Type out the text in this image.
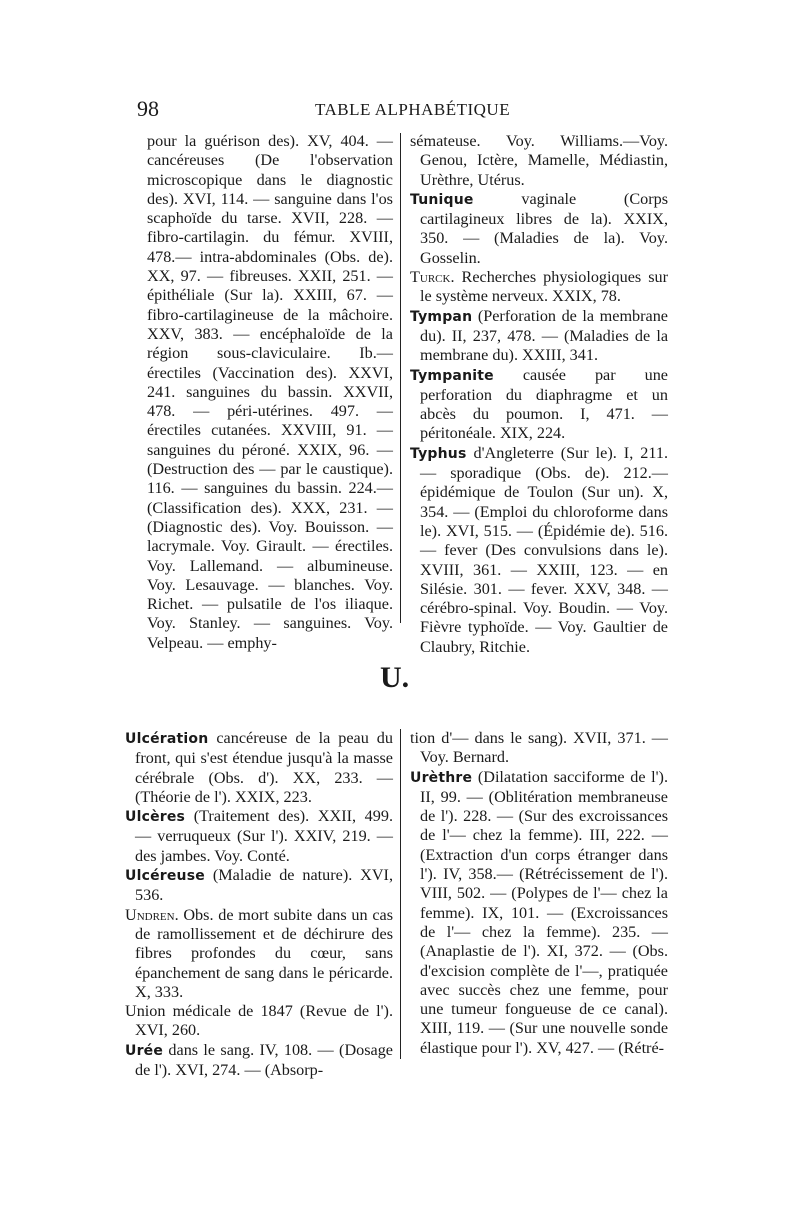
98	TABLE ALPHABÉTIQUE

pour la guérison des). XV, 404. — cancéreuses (De l'observation microscopique dans le diagnostic des). XVI, 114. — sanguine dans l'os scaphoïde du tarse. XVII, 228. — fibro-cartilagin. du fémur. XVIII, 478.— intra-abdominales (Obs. de). XX, 97. — fibreuses. XXII, 251. — épithéliale (Sur la). XXIII, 67. — fibro-cartilagineuse de la mâchoire. XXV, 383. — encéphaloïde de la région sous-claviculaire. Ib.— érectiles (Vaccination des). XXVI, 241. sanguines du bassin. XXVII, 478. — péri-utérines. 497. — érectiles cutanées. XXVIII, 91. — sanguines du péroné. XXIX, 96. — (Destruction des — par le caustique). 116. — sanguines du bassin. 224.— (Classification des). XXX, 231. — (Diagnostic des). Voy. Bouisson. — lacrymale. Voy. Girault. — érectiles. Voy. Lallemand. — albumineuse. Voy. Lesauvage. — blanches. Voy. Richet. — pulsatile de l'os iliaque. Voy. Stanley. — sanguines. Voy. Velpeau. — emphy-

sémateuse. Voy. Williams.—Voy. Genou, Ictère, Mamelle, Médiastin, Urèthre, Utérus.

Tunique vaginale (Corps cartilagineux libres de la). XXIX, 350. — (Maladies de la). Voy. Gosselin.

Turck. Recherches physiologiques sur le système nerveux. XXIX, 78.

Tympan (Perforation de la membrane du). II, 237, 478. — (Maladies de la membrane du). XXIII, 341.

Tympanite causée par une perforation du diaphragme et un abcès du poumon. I, 471. — péritonéale. XIX, 224.

Typhus d'Angleterre (Sur le). I, 211. — sporadique (Obs. de). 212.— épidémique de Toulon (Sur un). X, 354. — (Emploi du chloroforme dans le). XVI, 515. — (Épidémie de). 516. — fever (Des convulsions dans le). XVIII, 361. — XXIII, 123. — en Silésie. 301. — fever. XXV, 348. — cérébro-spinal. Voy. Boudin. — Voy. Fièvre typhoïde. — Voy. Gaultier de Claubry, Ritchie.

U.

Ulcération cancéreuse de la peau du front, qui s'est étendue jusqu'à la masse cérébrale (Obs. d'). XX, 233. — (Théorie de l'). XXIX, 223.

Ulcères (Traitement des). XXII, 499. — verruqueux (Sur l'). XXIV, 219. — des jambes. Voy. Conté.

Ulcéreuse (Maladie de nature). XVI, 536.

Undren. Obs. de mort subite dans un cas de ramollissement et de déchirure des fibres profondes du cœur, sans épanchement de sang dans le péricarde. X, 333.

Union médicale de 1847 (Revue de l'). XVI, 260.

Urée dans le sang. IV, 108. — (Dosage de l'). XVI, 274. — (Absorp-

tion d'— dans le sang). XVII, 371. — Voy. Bernard.

Urèthre (Dilatation sacciforme de l'). II, 99. — (Oblitération membraneuse de l'). 228. — (Sur des excroissances de l'— chez la femme). III, 222. — (Extraction d'un corps étranger dans l'). IV, 358.— (Rétrécissement de l'). VIII, 502. — (Polypes de l'— chez la femme). IX, 101. — (Excroissances de l'— chez la femme). 235. — (Anaplastie de l'). XI, 372. — (Obs. d'excision complète de l'—, pratiquée avec succès chez une femme, pour une tumeur fongueuse de ce canal). XIII, 119. — (Sur une nouvelle sonde élastique pour l'). XV, 427. — (Rétré-
